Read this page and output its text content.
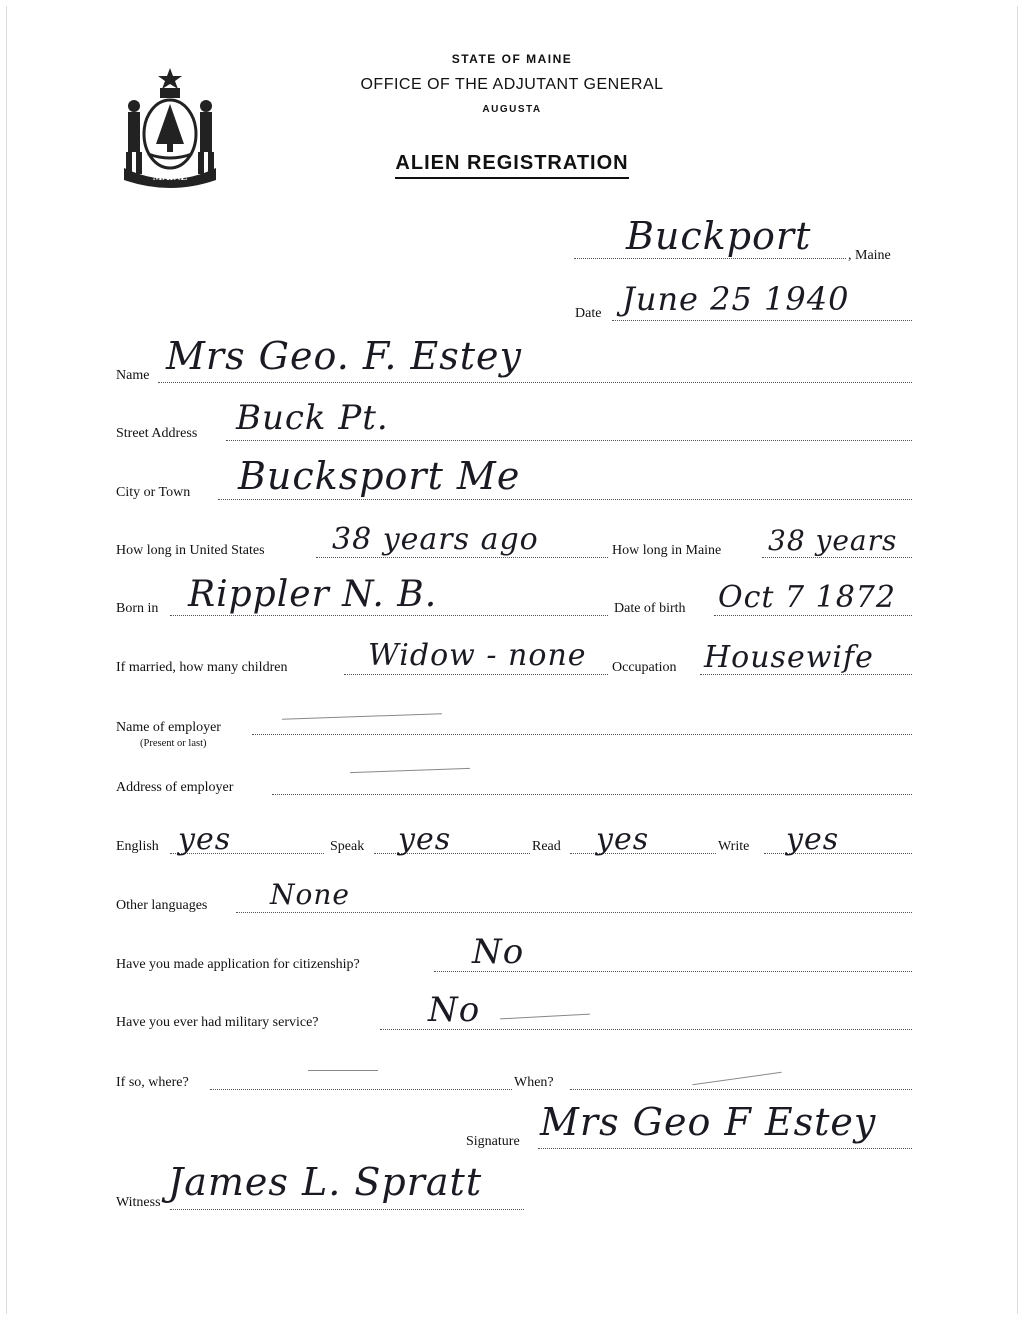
MAINE
STATE OF MAINE
OFFICE OF THE ADJUTANT GENERAL
AUGUSTA
ALIEN REGISTRATION
Buckport	, Maine
Date June 25 1940
Name Mrs Geo. F. Estey
Street Address Buck Pt.
City or Town Bucksport Me
How long in United States 38 years ago	How long in Maine 38 years
Born in Rippler N. B.	Date of birth Oct 7 1872
If married, how many children	Widow - none Occupation Housewife
Name of employer
(Present or last)
Address of employer
English yes	Speak yes	Read yes	Write yes
Other languages None
Have you made application for citizenship?	No
Have you ever had military service?	No
If so, where?	When?
Signature Mrs Geo F Estey
Witness James L. Spratt
